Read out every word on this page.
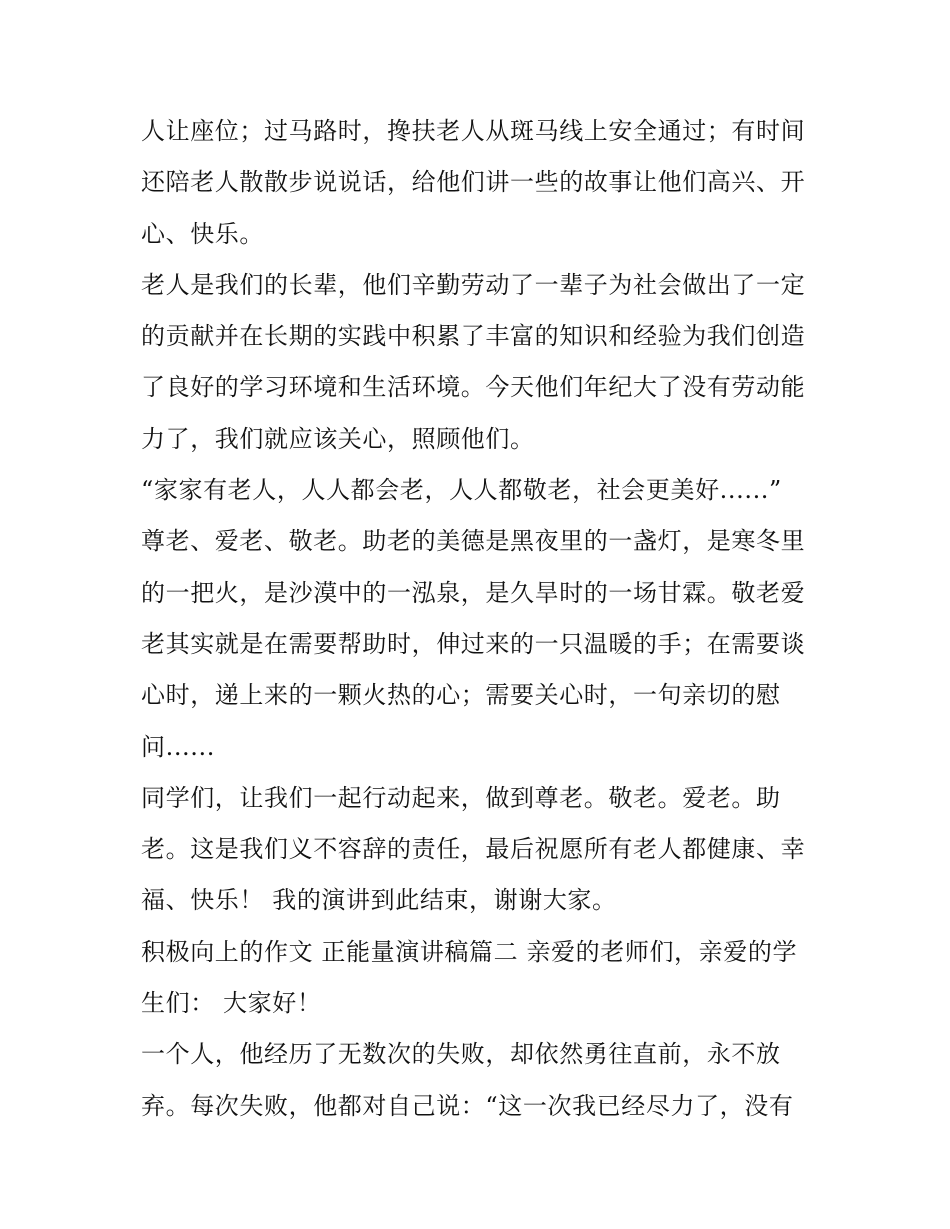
人让座位；过马路时，搀扶老人从斑马线上安全通过；有时间
还陪老人散散步说说话，给他们讲一些的故事让他们高兴、开
心、快乐。
老人是我们的长辈，他们辛勤劳动了一辈子为社会做出了一定
的贡献并在长期的实践中积累了丰富的知识和经验为我们创造
了良好的学习环境和生活环境。今天他们年纪大了没有劳动能
力了，我们就应该关心，照顾他们。
“家家有老人，人人都会老，人人都敬老，社会更美好......”
尊老、爱老、敬老。助老的美德是黑夜里的一盏灯，是寒冬里
的一把火，是沙漠中的一泓泉，是久旱时的一场甘霖。敬老爱
老其实就是在需要帮助时，伸过来的一只温暖的手；在需要谈
心时，递上来的一颗火热的心；需要关心时，一句亲切的慰
问......
同学们，让我们一起行动起来，做到尊老。敬老。爱老。助
老。这是我们义不容辞的责任，最后祝愿所有老人都健康、幸
福、快乐！ 我的演讲到此结束，谢谢大家。
积极向上的作文 正能量演讲稿篇二 亲爱的老师们，亲爱的学
生们： 大家好！
一个人，他经历了无数次的失败，却依然勇往直前，永不放
弃。每次失败，他都对自己说：“这一次我已经尽力了，没有
